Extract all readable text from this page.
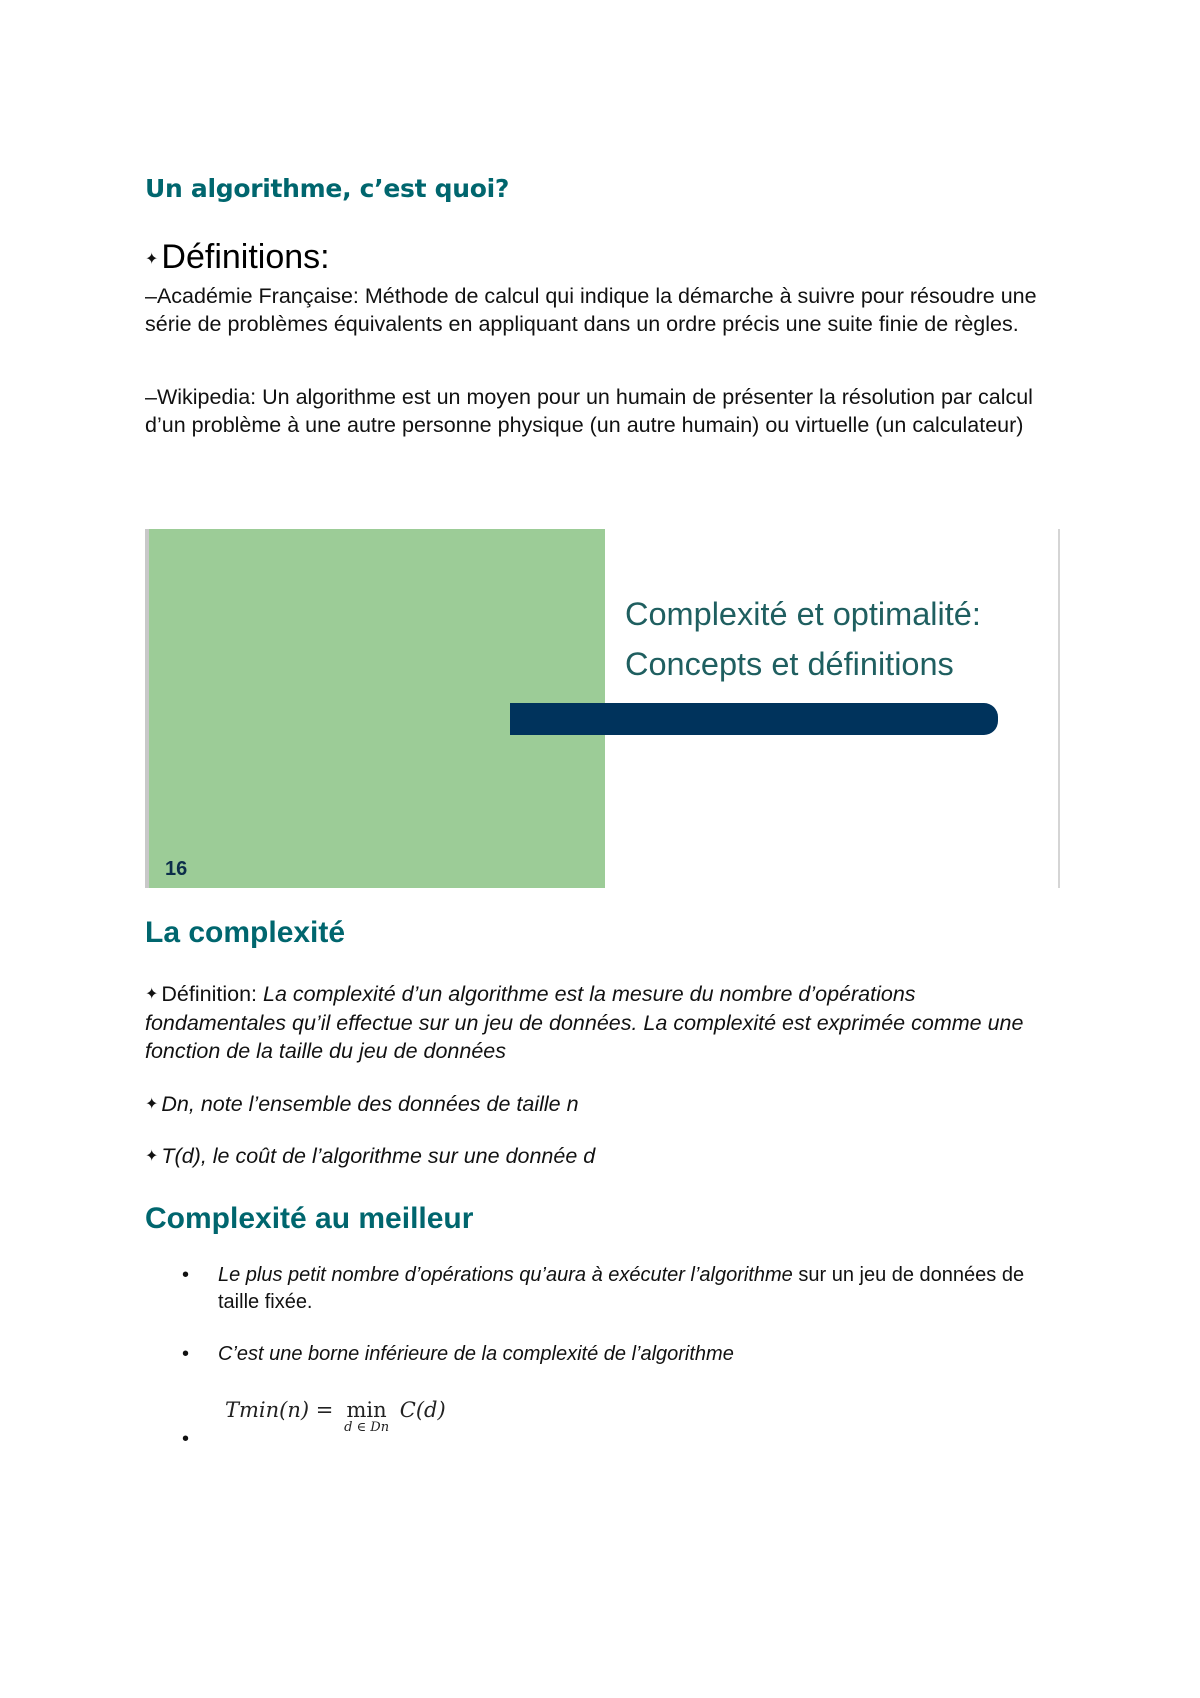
Un algorithme, c’est quoi?

✦Définitions:

–Académie Française: Méthode de calcul qui indique la démarche à suivre pour résoudre une série de problèmes équivalents en appliquant dans un ordre précis une suite finie de règles.

–Wikipedia: Un algorithme est un moyen pour un humain de présenter la résolution par calcul d’un problème à une autre personne physique (un autre humain) ou virtuelle (un calculateur)

Complexité et optimalité:
Concepts et définitions

16

La complexité

✦ Définition: La complexité d’un algorithme est la mesure du nombre d’opérations fondamentales qu’il effectue sur un jeu de données. La complexité est exprimée comme une fonction de la taille du jeu de données

✦ Dn, note l’ensemble des données de taille n

✦ T(d), le coût de l’algorithme sur une donnée d

Complexité au meilleur
• Le plus petit nombre d’opérations qu’aura à exécuter l’algorithme sur un jeu de données de taille fixée.
• C’est une borne inférieure de la complexité de l’algorithme
•
Tmin(n) = min
d ∈ Dn
C(d)
